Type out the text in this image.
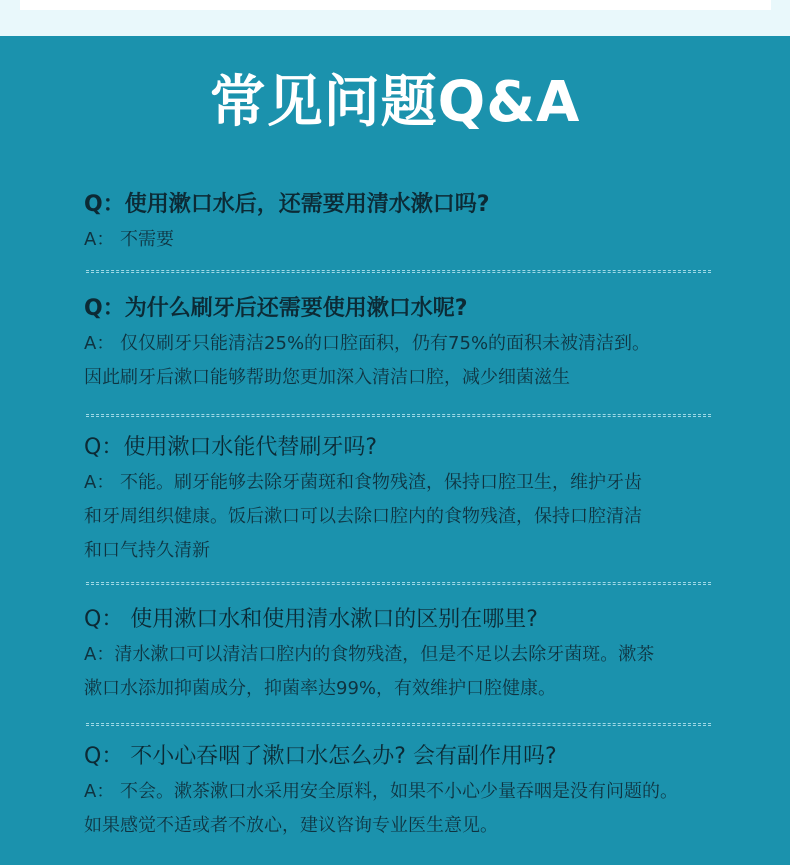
常见问题Q&A
Q：使用漱口水后，还需要用清水漱口吗?
A： 不需要
Q：为什么刷牙后还需要使用漱口水呢?
A： 仅仅刷牙只能清洁25%的口腔面积，仍有75%的面积未被清洁到。
因此刷牙后漱口能够帮助您更加深入清洁口腔，减少细菌滋生
Q：使用漱口水能代替刷牙吗?
A： 不能。刷牙能够去除牙菌斑和食物残渣，保持口腔卫生，维护牙齿
和牙周组织健康。饭后漱口可以去除口腔内的食物残渣，保持口腔清洁
和口气持久清新
Q： 使用漱口水和使用清水漱口的区别在哪里?
A：清水漱口可以清洁口腔内的食物残渣，但是不足以去除牙菌斑。漱茶
漱口水添加抑菌成分，抑菌率达99%，有效维护口腔健康。
Q： 不小心吞咽了漱口水怎么办? 会有副作用吗?
A： 不会。漱茶漱口水采用安全原料，如果不小心少量吞咽是没有问题的。
如果感觉不适或者不放心，建议咨询专业医生意见。
